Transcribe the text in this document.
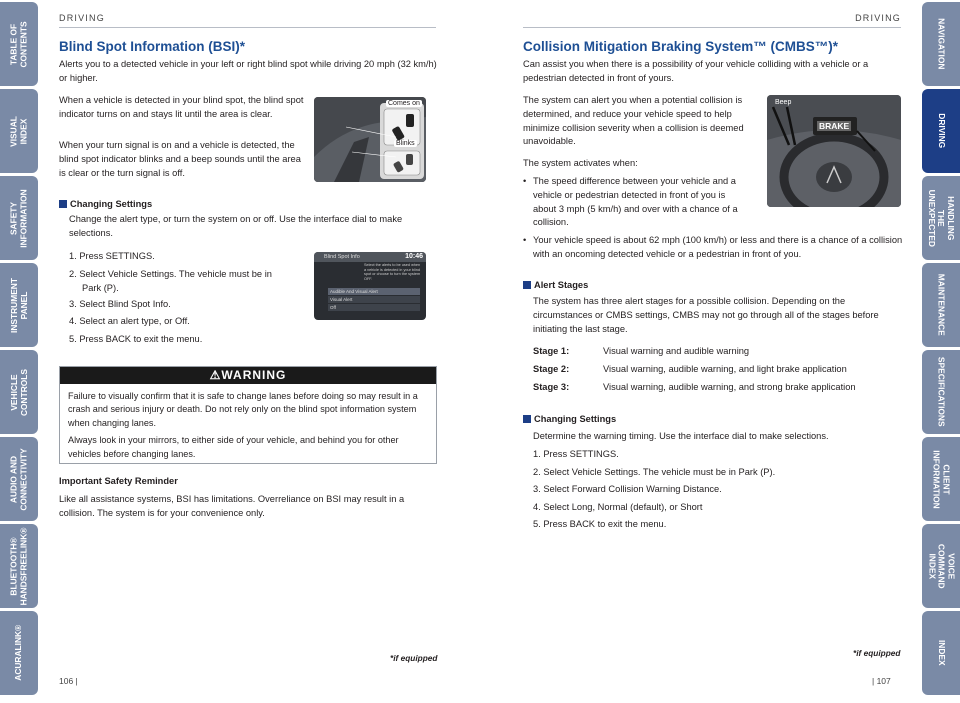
TABLE OF CONTENTS
VISUAL INDEX
SAFETY INFORMATION
INSTRUMENT PANEL
VEHICLE CONTROLS
AUDIO AND CONNECTIVITY
BLUETOOTH® HANDSFREELINK®
ACURALINK®
NAVIGATION
DRIVING
HANDLING THE UNEXPECTED
MAINTENANCE
SPECIFICATIONS
CLIENT INFORMATION
VOICE COMMAND INDEX
INDEX
DRIVING	DRIVING
Blind Spot Information (BSI)*

Alerts you to a detected vehicle in your left or right blind spot while driving 20 mph (32 km/h) or higher.

When a vehicle is detected in your blind spot, the blind spot indicator turns on and stays lit until the area is clear.

When your turn signal is on and a vehicle is detected, the blind spot indicator blinks and a beep sounds until the area is clear or the turn signal is off.

Comes on
Blinks
Changing Settings

Change the alert type, or turn the system on or off. Use the interface dial to make selections.

1. Press SETTINGS.
2. Select Vehicle Settings. The vehicle must be in
Park (P).
3. Select Blind Spot Info.
4. Select an alert type, or Off.
5. Press BACK to exit the menu.
Blind Spot Info	10:46
Select the alerts to be used when a vehicle is detected in your blind spot or choose to turn the system OFF.
Audible And Visual Alert
Visual Alert
Off
⚠WARNING

Failure to visually confirm that it is safe to change lanes before doing so may result in a crash and serious injury or death. Do not rely only on the blind spot information system when changing lanes.

Always look in your mirrors, to either side of your vehicle, and behind you for other vehicles before changing lanes.

Important Safety Reminder

Like all assistance systems, BSI has limitations. Overreliance on BSI may result in a collision. The system is for your convenience only.

*if equipped
106 |
Collision Mitigation Braking System™ (CMBS™)*

Can assist you when there is a possibility of your vehicle colliding with a vehicle or a pedestrian detected in front of yours.

The system can alert you when a potential collision is determined, and reduce your vehicle speed to help minimize collision severity when a collision is deemed unavoidable.

The system activates when:

• The speed difference between your vehicle and a vehicle or pedestrian detected in front of you is about 3 mph (5 km/h) and over with a chance of a collision.
• Your vehicle speed is about 62 mph (100 km/h) or less and there is a chance of a collision with an oncoming detected vehicle or a pedestrian in front of you.
Beep
BRAKE
Alert Stages

The system has three alert stages for a possible collision. Depending on the circumstances or CMBS settings, CMBS may not go through all of the stages before initiating the last stage.

Stage 1:	Visual warning and audible warning
Stage 2:	Visual warning, audible warning, and light brake application
Stage 3:	Visual warning, audible warning, and strong brake application
Changing Settings

Determine the warning timing. Use the interface dial to make selections.

1. Press SETTINGS.
2. Select Vehicle Settings. The vehicle must be in Park (P).
3. Select Forward Collision Warning Distance.
4. Select Long, Normal (default), or Short
5. Press BACK to exit the menu.
*if equipped
| 107
